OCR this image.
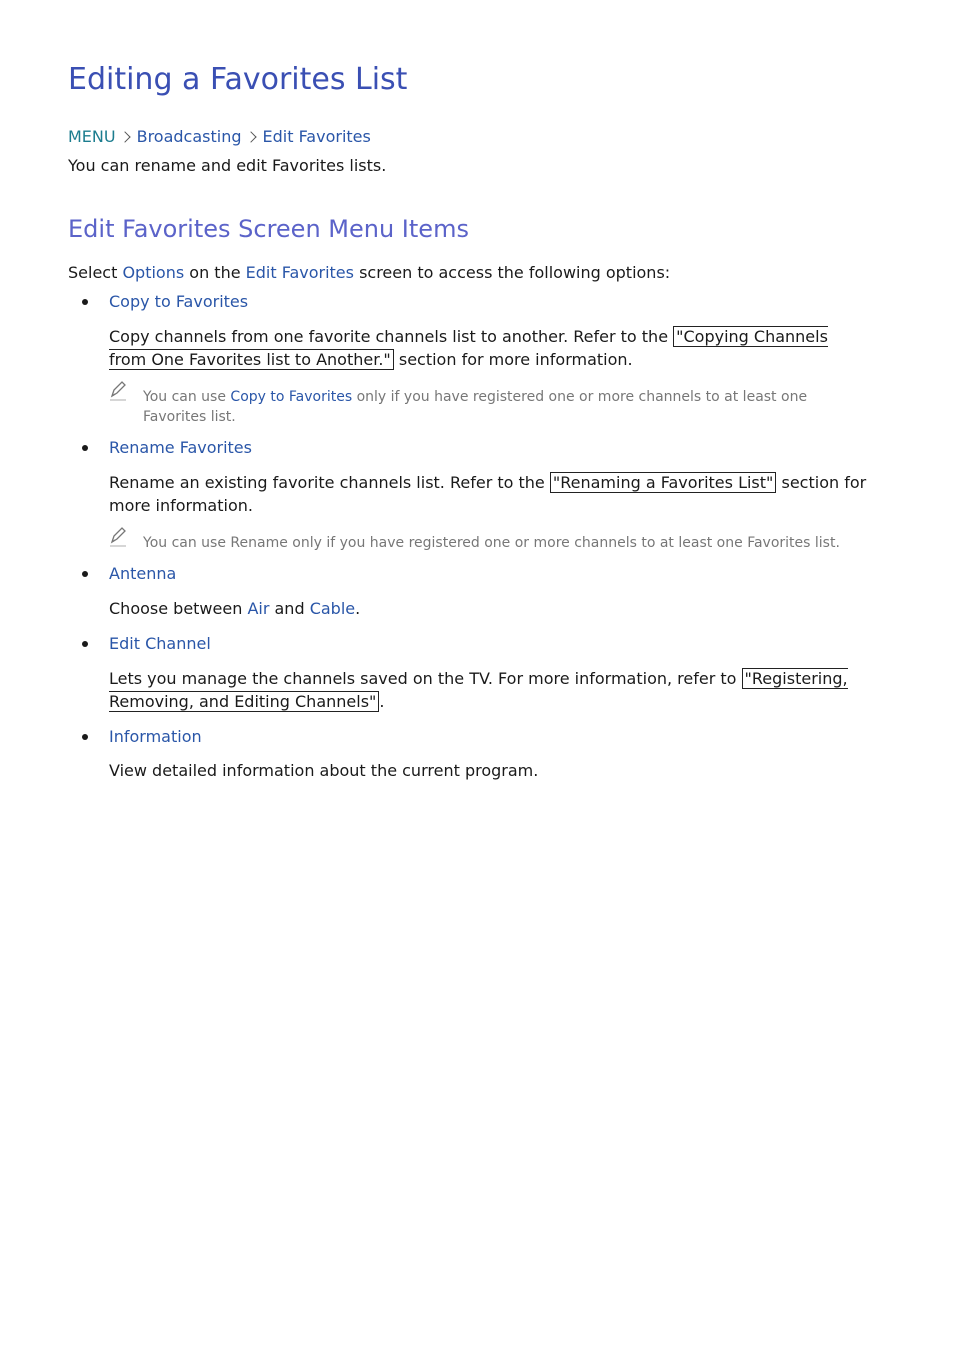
Editing a Favorites List
MENU Broadcasting Edit Favorites
You can rename and edit Favorites lists.
Edit Favorites Screen Menu Items
Select Options on the Edit Favorites screen to access the following options:
Copy to Favorites
Copy channels from one favorite channels list to another. Refer to the "Copying Channels from One Favorites list to Another." section for more information.
You can use Copy to Favorites only if you have registered one or more channels to at least one Favorites list.
Rename Favorites
Rename an existing favorite channels list. Refer to the "Renaming a Favorites List" section for more information.
You can use Rename only if you have registered one or more channels to at least one Favorites list.
Antenna
Choose between Air and Cable.
Edit Channel
Lets you manage the channels saved on the TV. For more information, refer to "Registering, Removing, and Editing Channels" .
Information
View detailed information about the current program.
